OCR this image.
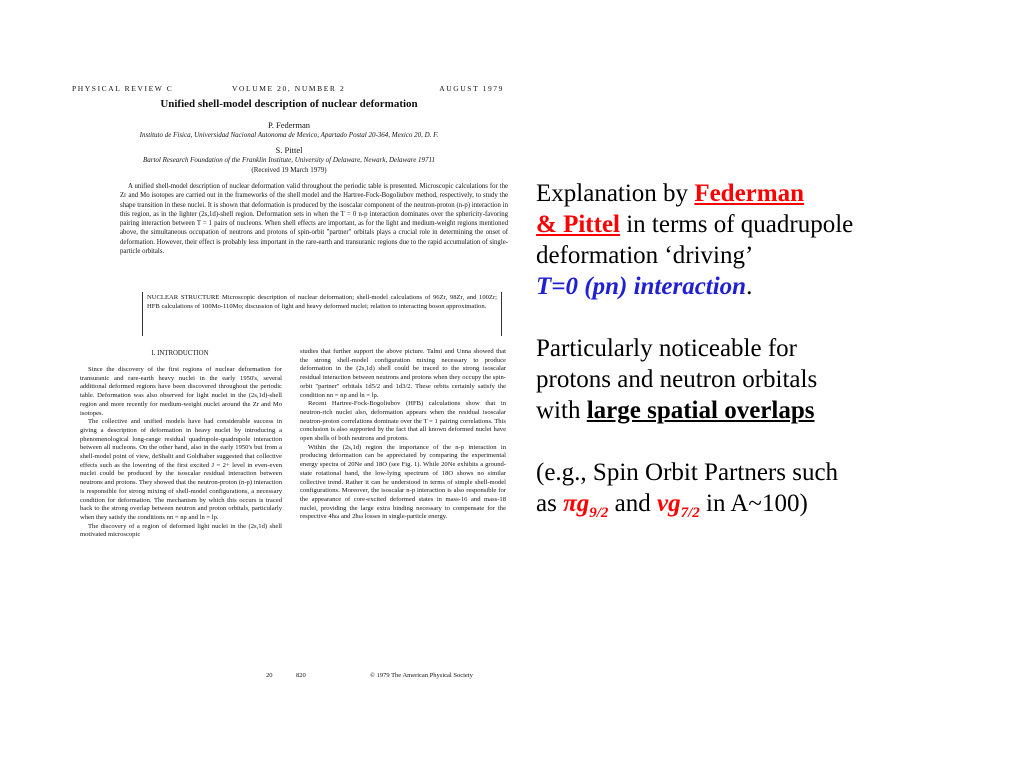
PHYSICAL REVIEW C	VOLUME 20, NUMBER 2	AUGUST 1979
Unified shell-model description of nuclear deformation
P. Federman
Instituto de Fisica, Universidad Nacional Autonoma de Mexico, Apartado Postal 20-364, Mexico 20, D. F.
S. Pittel
Bartol Research Foundation of the Franklin Institute, University of Delaware, Newark, Delaware 19711
(Received 19 March 1979)
A unified shell-model description of nuclear deformation valid throughout the periodic table is presented. Microscopic calculations for the Zr and Mo isotopes are carried out in the frameworks of the shell model and the Hartree-Fock-Bogoliubov method, respectively, to study the shape transition in these nuclei. It is shown that deformation is produced by the isoscalar component of the neutron-proton (n-p) interaction in this region, as in the lighter (2s,1d)-shell region. Deformation sets in when the T = 0 n-p interaction dominates over the sphericity-favoring pairing interaction between T = 1 pairs of nucleons. When shell effects are important, as for the light and medium-weight regions mentioned above, the simultaneous occupation of neutrons and protons of spin-orbit "partner" orbitals plays a crucial role in determining the onset of deformation. However, their effect is probably less important in the rare-earth and transuranic regions due to the rapid accumulation of single-particle orbitals.
NUCLEAR STRUCTURE Microscopic description of nuclear deformation; shell-model calculations of 96Zr, 98Zr, and 100Zr; HFB calculations of 100Mo-110Mo; discussion of light and heavy deformed nuclei; relation to interacting boson approximation.
I. INTRODUCTION
Since the discovery of the first regions of nuclear deformation for transuranic and rare-earth heavy nuclei in the early 1950's, several additional deformed regions have been discovered throughout the periodic table. Deformation was also observed for light nuclei in the (2s,1d)-shell region and more recently for medium-weight nuclei around the Zr and Mo isotopes.
The collective and unified models have had considerable success in giving a description of deformation in heavy nuclei by introducing a phenomenological long-range residual quadrupole-quadrupole interaction between all nucleons. On the other hand, also in the early 1950's but from a shell-model point of view, deShalit and Goldhaber suggested that collective effects such as the lowering of the first excited J = 2+ level in even-even nuclei could be produced by the isoscalar residual interaction between neutrons and protons. They showed that the neutron-proton (n-p) interaction is responsible for strong mixing of shell-model configurations, a necessary condition for deformation. The mechanism by which this occurs is traced back to the strong overlap between neutron and proton orbitals, particularly when they satisfy the conditions nn = np and ln = lp.
The discovery of a region of deformed light nuclei in the (2s,1d) shell motivated microscopic
studies that further support the above picture. Talmi and Unna showed that the strong shell-model configuration mixing necessary to produce deformation in the (2s,1d) shell could be traced to the strong isoscalar residual interaction between neutrons and protons when they occupy the spin-orbit "partner" orbitals 1d5/2 and 1d3/2. These orbits certainly satisfy the condition nn = np and ln = lp.
Recent Hartree-Fock-Bogoliubov (HFB) calculations show that in neutron-rich nuclei also, deformation appears when the residual isoscalar neutron-proton correlations dominate over the T = 1 pairing correlations. This conclusion is also supported by the fact that all known deformed nuclei have open shells of both neutrons and protons.
Within the (2s,1d) region the importance of the n-p interaction in producing deformation can be appreciated by comparing the experimental energy spectra of 20Ne and 18O (see Fig. 1). While 20Ne exhibits a ground-state rotational band, the low-lying spectrum of 18O shows no similar collective trend. Rather it can be understood in terms of simple shell-model configurations. Moreover, the isoscalar n-p interaction is also responsible for the appearance of core-excited deformed states in mass-16 and mass-18 nuclei, providing the large extra binding necessary to compensate for the respective 4ħω and 2ħω losses in single-particle energy.
20	820	© 1979 The American Physical Society

Explanation by Federman

& Pittel in terms of quadrupole

deformation ‘driving’

T=0 (pn) interaction.

Particularly noticeable for

protons and neutron orbitals

with large spatial overlaps

(e.g., Spin Orbit Partners such

as $\pi g_{9/2}$ and $\nu g_{7/2}$ in A~100)
